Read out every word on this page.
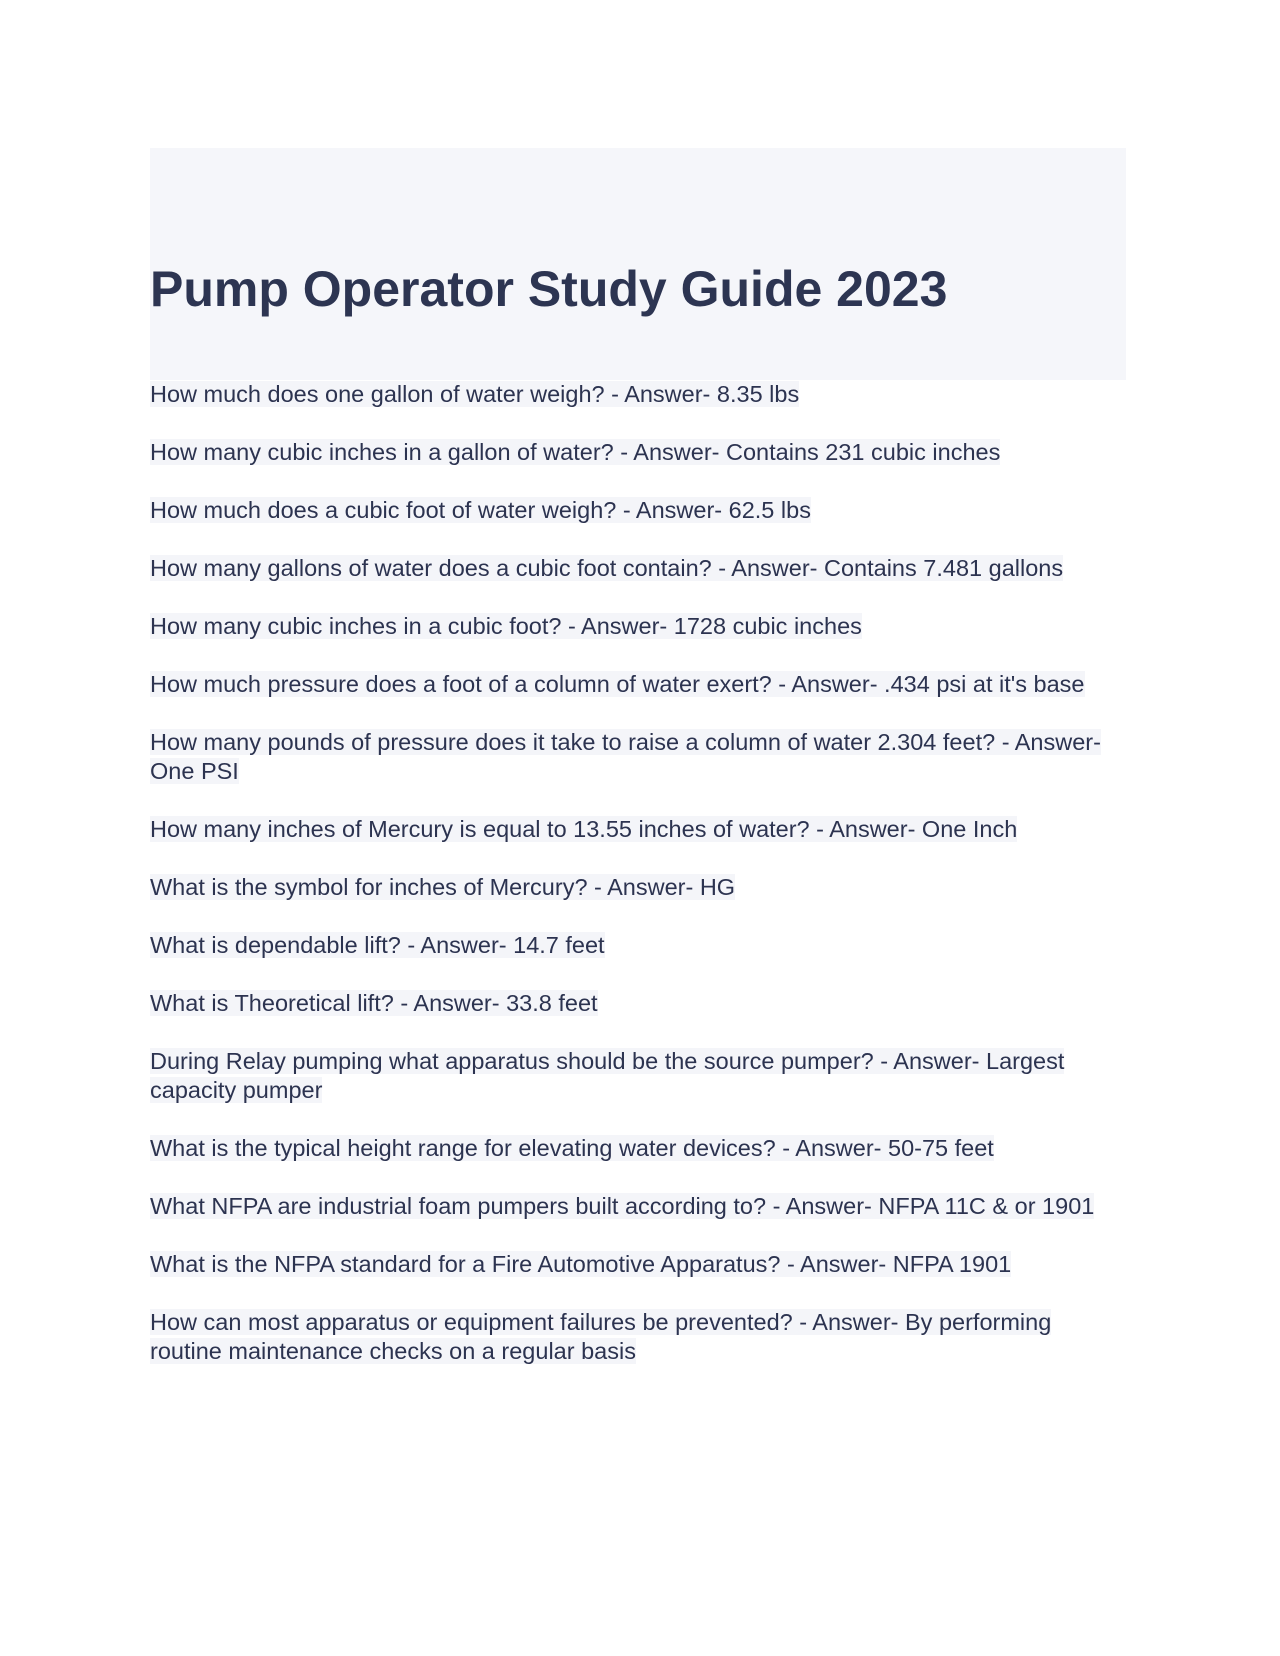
Pump Operator Study Guide 2023
How much does one gallon of water weigh? - Answer- 8.35 lbs
How many cubic inches in a gallon of water? - Answer- Contains 231 cubic inches
How much does a cubic foot of water weigh? - Answer- 62.5 lbs
How many gallons of water does a cubic foot contain? - Answer- Contains 7.481 gallons
How many cubic inches in a cubic foot? - Answer- 1728 cubic inches
How much pressure does a foot of a column of water exert? - Answer- .434 psi at it's base
How many pounds of pressure does it take to raise a column of water 2.304 feet? - Answer- One PSI
How many inches of Mercury is equal to 13.55 inches of water? - Answer- One Inch
What is the symbol for inches of Mercury? - Answer- HG
What is dependable lift? - Answer- 14.7 feet
What is Theoretical lift? - Answer- 33.8 feet
During Relay pumping what apparatus should be the source pumper? - Answer- Largest capacity pumper
What is the typical height range for elevating water devices? - Answer- 50-75 feet
What NFPA are industrial foam pumpers built according to? - Answer- NFPA 11C & or 1901
What is the NFPA standard for a Fire Automotive Apparatus? - Answer- NFPA 1901
How can most apparatus or equipment failures be prevented? - Answer- By performing routine maintenance checks on a regular basis
